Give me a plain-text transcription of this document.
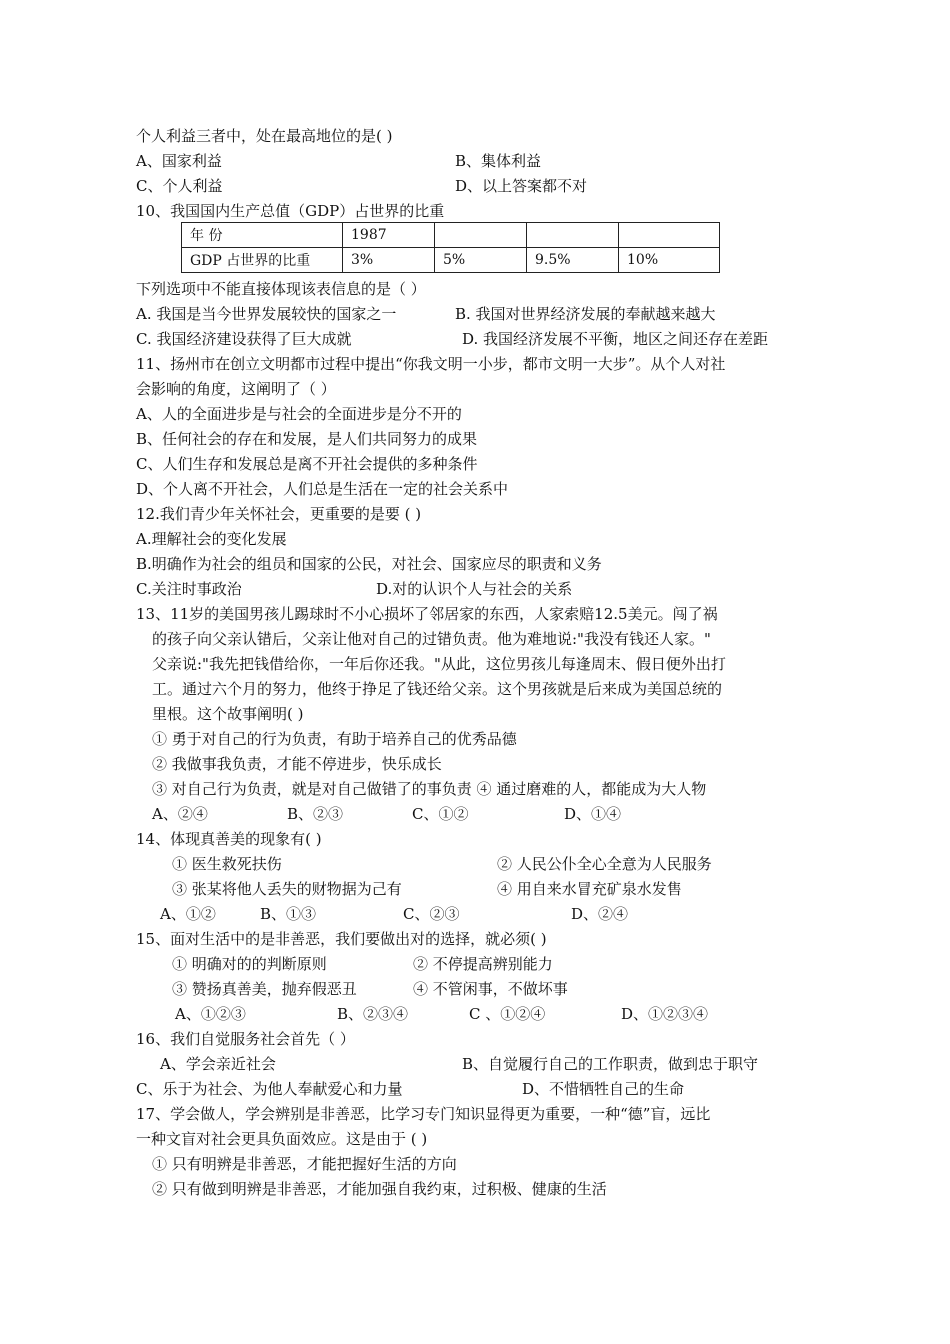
个人利益三者中，处在最高地位的是( )
A、国家利益	B、集体利益
C、个人利益	D、以上答案都不对
10、我国国内生产总值（GDP）占世界的比重
年 份	1987			
GDP 占世界的比重	3%	5%	9.5%	10%
下列选项中不能直接体现该表信息的是（ ）
A. 我国是当今世界发展较快的国家之一	B. 我国对世界经济发展的奉献越来越大
C. 我国经济建设获得了巨大成就	D. 我国经济发展不平衡，地区之间还存在差距
11、扬州市在创立文明都市过程中提出“你我文明一小步，都市文明一大步”。从个人对社
会影响的角度，这阐明了（ ）
A、人的全面进步是与社会的全面进步是分不开的
B、任何社会的存在和发展，是人们共同努力的成果
C、人们生存和发展总是离不开社会提供的多种条件
D、个人离不开社会，人们总是生活在一定的社会关系中
12.我们青少年关怀社会，更重要的是要 ( )
A.理解社会的变化发展
B.明确作为社会的组员和国家的公民，对社会、国家应尽的职责和义务
C.关注时事政治	D.对的认识个人与社会的关系
13、11岁的美国男孩儿踢球时不小心损坏了邻居家的东西，人家索赔12.5美元。闯了祸
的孩子向父亲认错后，父亲让他对自己的过错负责。他为难地说:"我没有钱还人家。"
父亲说:"我先把钱借给你，一年后你还我。"从此，这位男孩儿每逢周末、假日便外出打
工。通过六个月的努力，他终于挣足了钱还给父亲。这个男孩就是后来成为美国总统的
里根。这个故事阐明( )
① 勇于对自己的行为负责，有助于培养自己的优秀品德
② 我做事我负责，才能不停进步，快乐成长
③ 对自己行为负责，就是对自己做错了的事负责 ④ 通过磨难的人，都能成为大人物
A、②④	B、②③	C、①②	D、①④
14、体现真善美的现象有( )
① 医生救死扶伤	② 人民公仆全心全意为人民服务
③ 张某将他人丢失的财物据为己有	④ 用自来水冒充矿泉水发售
A、①②	B、①③	C、②③	D、②④
15、面对生活中的是非善恶，我们要做出对的选择，就必须( )
① 明确对的的判断原则	② 不停提高辨别能力
③ 赞扬真善美，抛弃假恶丑	④ 不管闲事，不做坏事
A、①②③	B、②③④	C 、①②④	D、①②③④
16、我们自觉服务社会首先（ ）
A、学会亲近社会	B、自觉履行自己的工作职责，做到忠于职守
C、乐于为社会、为他人奉献爱心和力量	D、不惜牺牲自己的生命
17、学会做人，学会辨别是非善恶，比学习专门知识显得更为重要，一种“德”盲，远比
一种文盲对社会更具负面效应。这是由于 ( )
① 只有明辨是非善恶，才能把握好生活的方向
② 只有做到明辨是非善恶，才能加强自我约束，过积极、健康的生活
